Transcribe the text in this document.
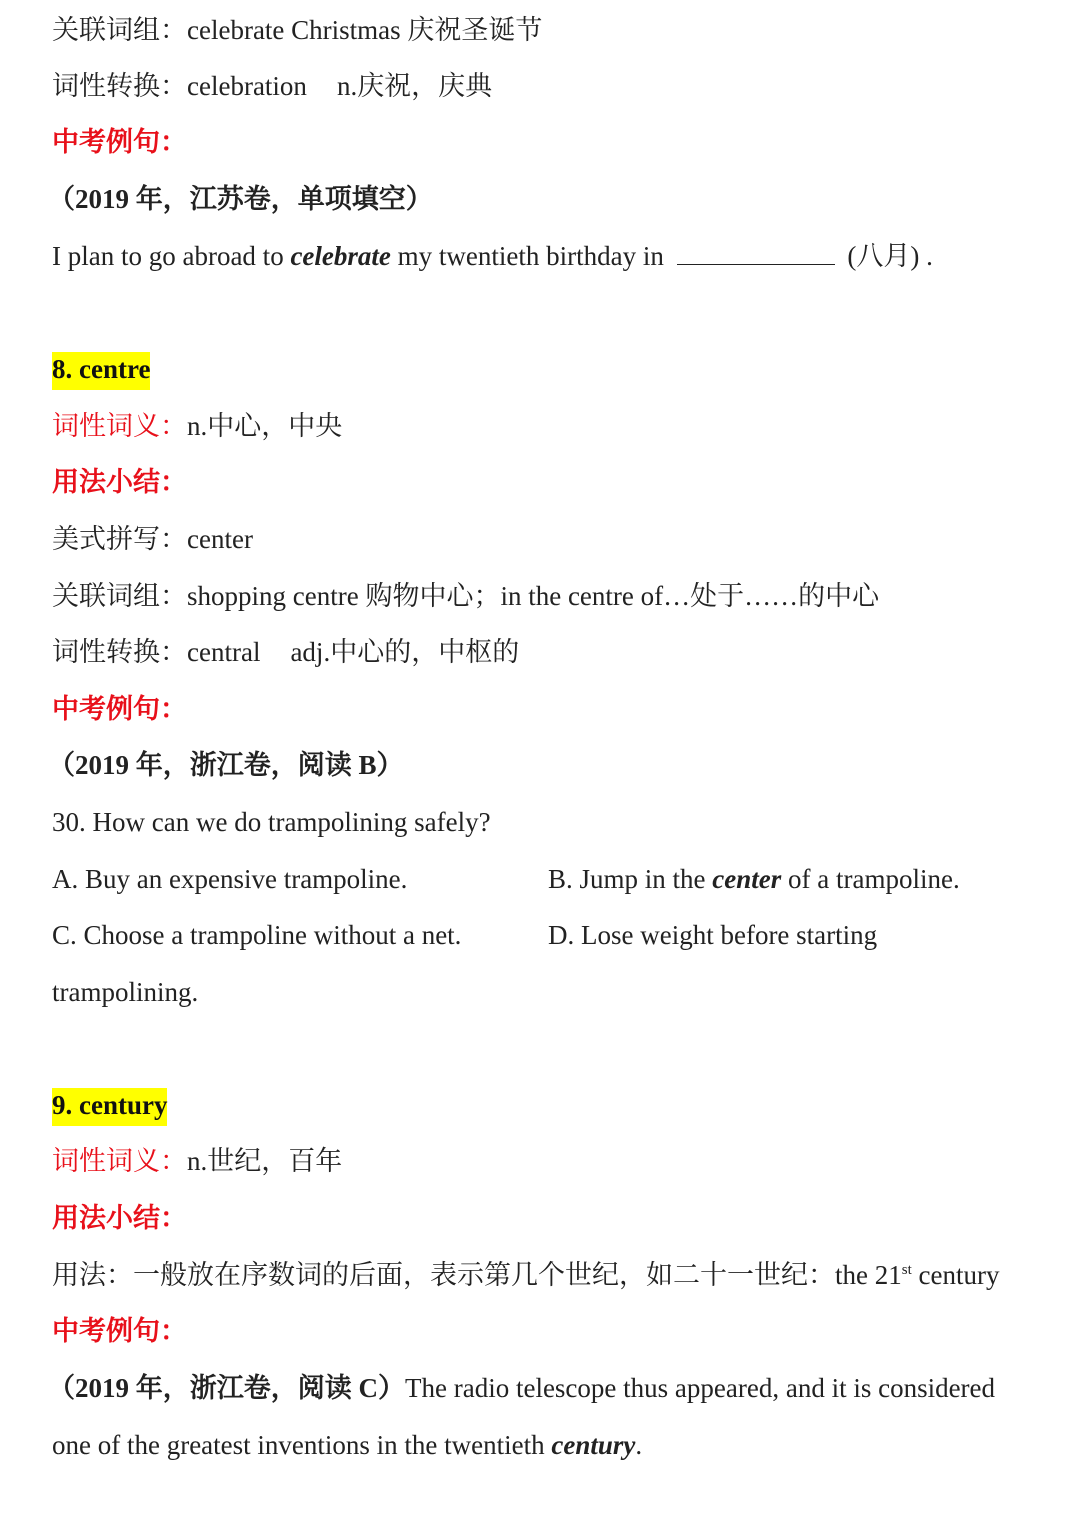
关联词组：celebrate Christmas 庆祝圣诞节
词性转换：celebration n.庆祝，庆典
中考例句：
（2019 年，江苏卷，单项填空）
I plan to go abroad to celebrate my twentieth birthday in	(八月) .
8. centre
词性词义：n.中心，中央
用法小结：
美式拼写：center
关联词组：shopping centre 购物中心；in the centre of…处于……的中心
词性转换：central adj.中心的，中枢的
中考例句：
（2019 年，浙江卷，阅读 B）
30. How can we do trampolining safely?
A. Buy an expensive trampoline.	B. Jump in the center of a trampoline.
C. Choose a trampoline without a net.	D. Lose weight before starting
trampolining.
9. century
词性词义：n.世纪，百年
用法小结：
用法：一般放在序数词的后面，表示第几个世纪，如二十一世纪：the 21st century
中考例句：
（2019 年，浙江卷，阅读 C）The radio telescope thus appeared, and it is considered
one of the greatest inventions in the twentieth century.
